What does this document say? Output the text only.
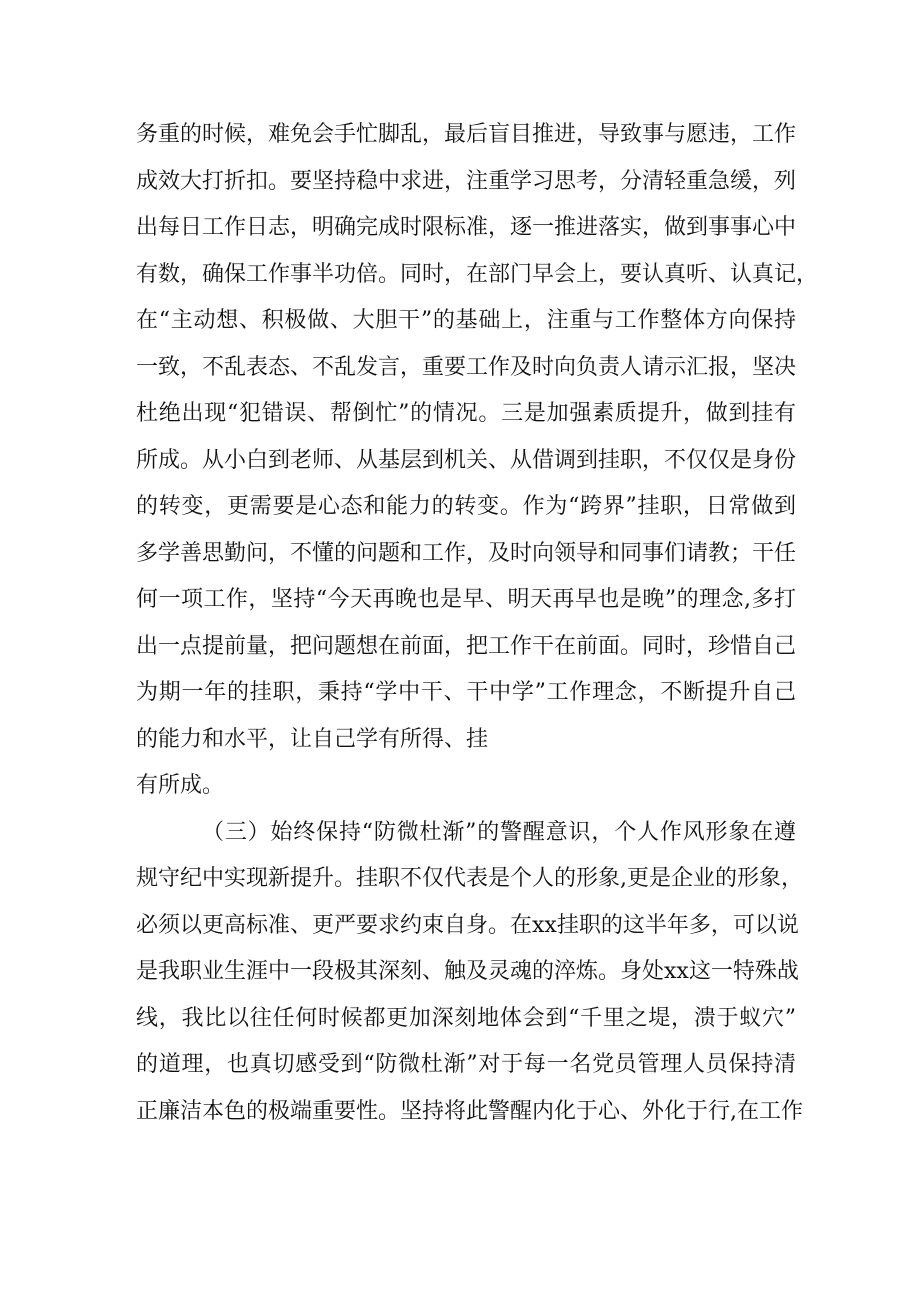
务重的时候，难免会手忙脚乱，最后盲目推进，导致事与愿违，工作
成效大打折扣。要坚持稳中求进，注重学习思考，分清轻重急缓，列
出每日工作日志，明确完成时限标准，逐一推进落实，做到事事心中
有数，确保工作事半功倍。同时，在部门早会上，要认真听、认真记，
在“主动想、积极做、大胆干”的基础上，注重与工作整体方向保持
一致，不乱表态、不乱发言，重要工作及时向负责人请示汇报，坚决
杜绝出现“犯错误、帮倒忙”的情况。三是加强素质提升，做到挂有
所成。从小白到老师、从基层到机关、从借调到挂职，不仅仅是身份
的转变，更需要是心态和能力的转变。作为“跨界”挂职，日常做到
多学善思勤问，不懂的问题和工作，及时向领导和同事们请教；干任
何一项工作，坚持“今天再晚也是早、明天再早也是晚”的理念,多打
出一点提前量，把问题想在前面，把工作干在前面。同时，珍惜自己
为期一年的挂职，秉持“学中干、干中学”工作理念，不断提升自己
的能力和水平，让自己学有所得、挂
有所成。
（三）始终保持“防微杜渐”的警醒意识，个人作风形象在遵
规守纪中实现新提升。挂职不仅代表是个人的形象,更是企业的形象，
必须以更高标准、更严要求约束自身。在xx挂职的这半年多，可以说
是我职业生涯中一段极其深刻、触及灵魂的淬炼。身处xx这一特殊战
线，我比以往任何时候都更加深刻地体会到“千里之堤，溃于蚁穴”
的道理，也真切感受到“防微杜渐”对于每一名党员管理人员保持清
正廉洁本色的极端重要性。坚持将此警醒内化于心、外化于行,在工作
